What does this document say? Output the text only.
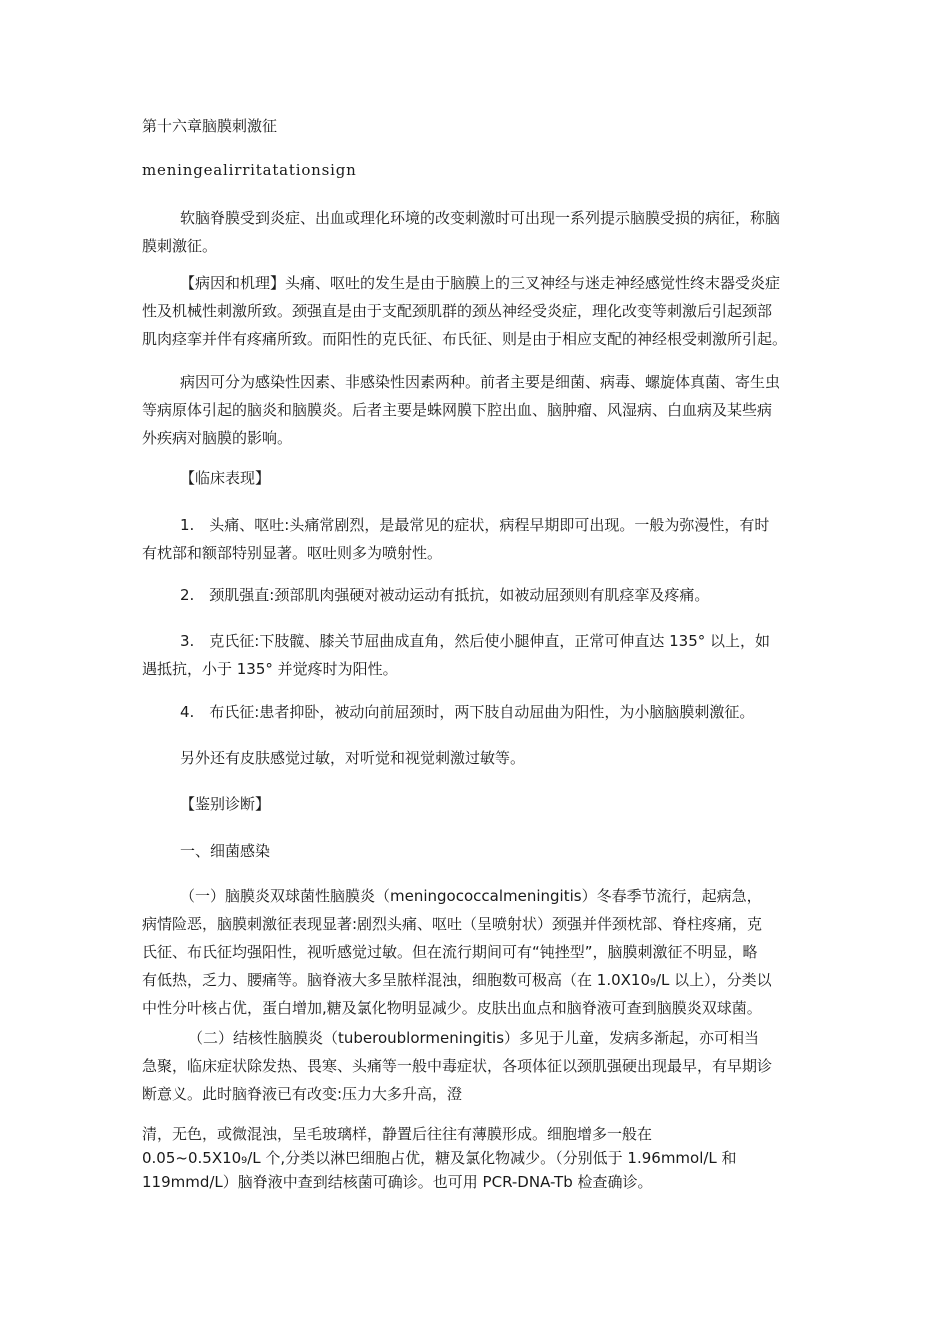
第十六章脑膜刺激征
meningealirritatationsign
软脑脊膜受到炎症、出血或理化环境的改变刺激时可出现一系列提示脑膜受损的病征，称脑
膜刺激征。
【病因和机理】头痛、呕吐的发生是由于脑膜上的三叉神经与迷走神经感觉性终末器受炎症
性及机械性刺激所致。颈强直是由于支配颈肌群的颈丛神经受炎症，理化改变等刺激后引起颈部
肌肉痉挛并伴有疼痛所致。而阳性的克氏征、布氏征、则是由于相应支配的神经根受刺激所引起。
病因可分为感染性因素、非感染性因素两种。前者主要是细菌、病毒、螺旋体真菌、寄生虫
等病原体引起的脑炎和脑膜炎。后者主要是蛛网膜下腔出血、脑肿瘤、风湿病、白血病及某些病
外疾病对脑膜的影响。
【临床表现】
1.　头痛、呕吐:头痛常剧烈，是最常见的症状，病程早期即可出现。一般为弥漫性，有时
有枕部和额部特别显著。呕吐则多为喷射性。
2.　颈肌强直:颈部肌肉强硬对被动运动有抵抗，如被动屈颈则有肌痉挛及疼痛。
3.　克氏征:下肢髋、膝关节屈曲成直角，然后使小腿伸直，正常可伸直达 135° 以上，如
遇抵抗，小于 135° 并觉疼时为阳性。
4.　布氏征:患者抑卧，被动向前屈颈时，两下肢自动屈曲为阳性，为小脑脑膜刺激征。
另外还有皮肤感觉过敏，对听觉和视觉刺激过敏等。
【鉴别诊断】
一、细菌感染
（一）脑膜炎双球菌性脑膜炎（meningococcalmeningitis）冬春季节流行，起病急，
病情险恶，脑膜刺激征表现显著:剧烈头痛、呕吐（呈喷射状）颈强并伴颈枕部、脊柱疼痛，克
氏征、布氏征均强阳性，视听感觉过敏。但在流行期间可有“钝挫型”，脑膜刺激征不明显，略
有低热，乏力、腰痛等。脑脊液大多呈脓样混浊，细胞数可极高（在 1.0X10₉/L 以上），分类以
中性分叶核占优，蛋白增加,糖及氯化物明显减少。皮肤出血点和脑脊液可查到脑膜炎双球菌。
（二）结核性脑膜炎（tuberoublormeningitis）多见于儿童，发病多渐起，亦可相当
急聚，临床症状除发热、畏寒、头痛等一般中毒症状，各项体征以颈肌强硬出现最早，有早期诊
断意义。此时脑脊液已有改变:压力大多升高，澄
清，无色，或微混浊，呈毛玻璃样，静置后往往有薄膜形成。细胞增多一般在
0.05~0.5X10₉/L 个,分类以淋巴细胞占优，糖及氯化物减少。（分别低于 1.96mmol/L 和
119mmd/L）脑脊液中查到结核菌可确诊。也可用 PCR-DNA-Tb 检查确诊。
